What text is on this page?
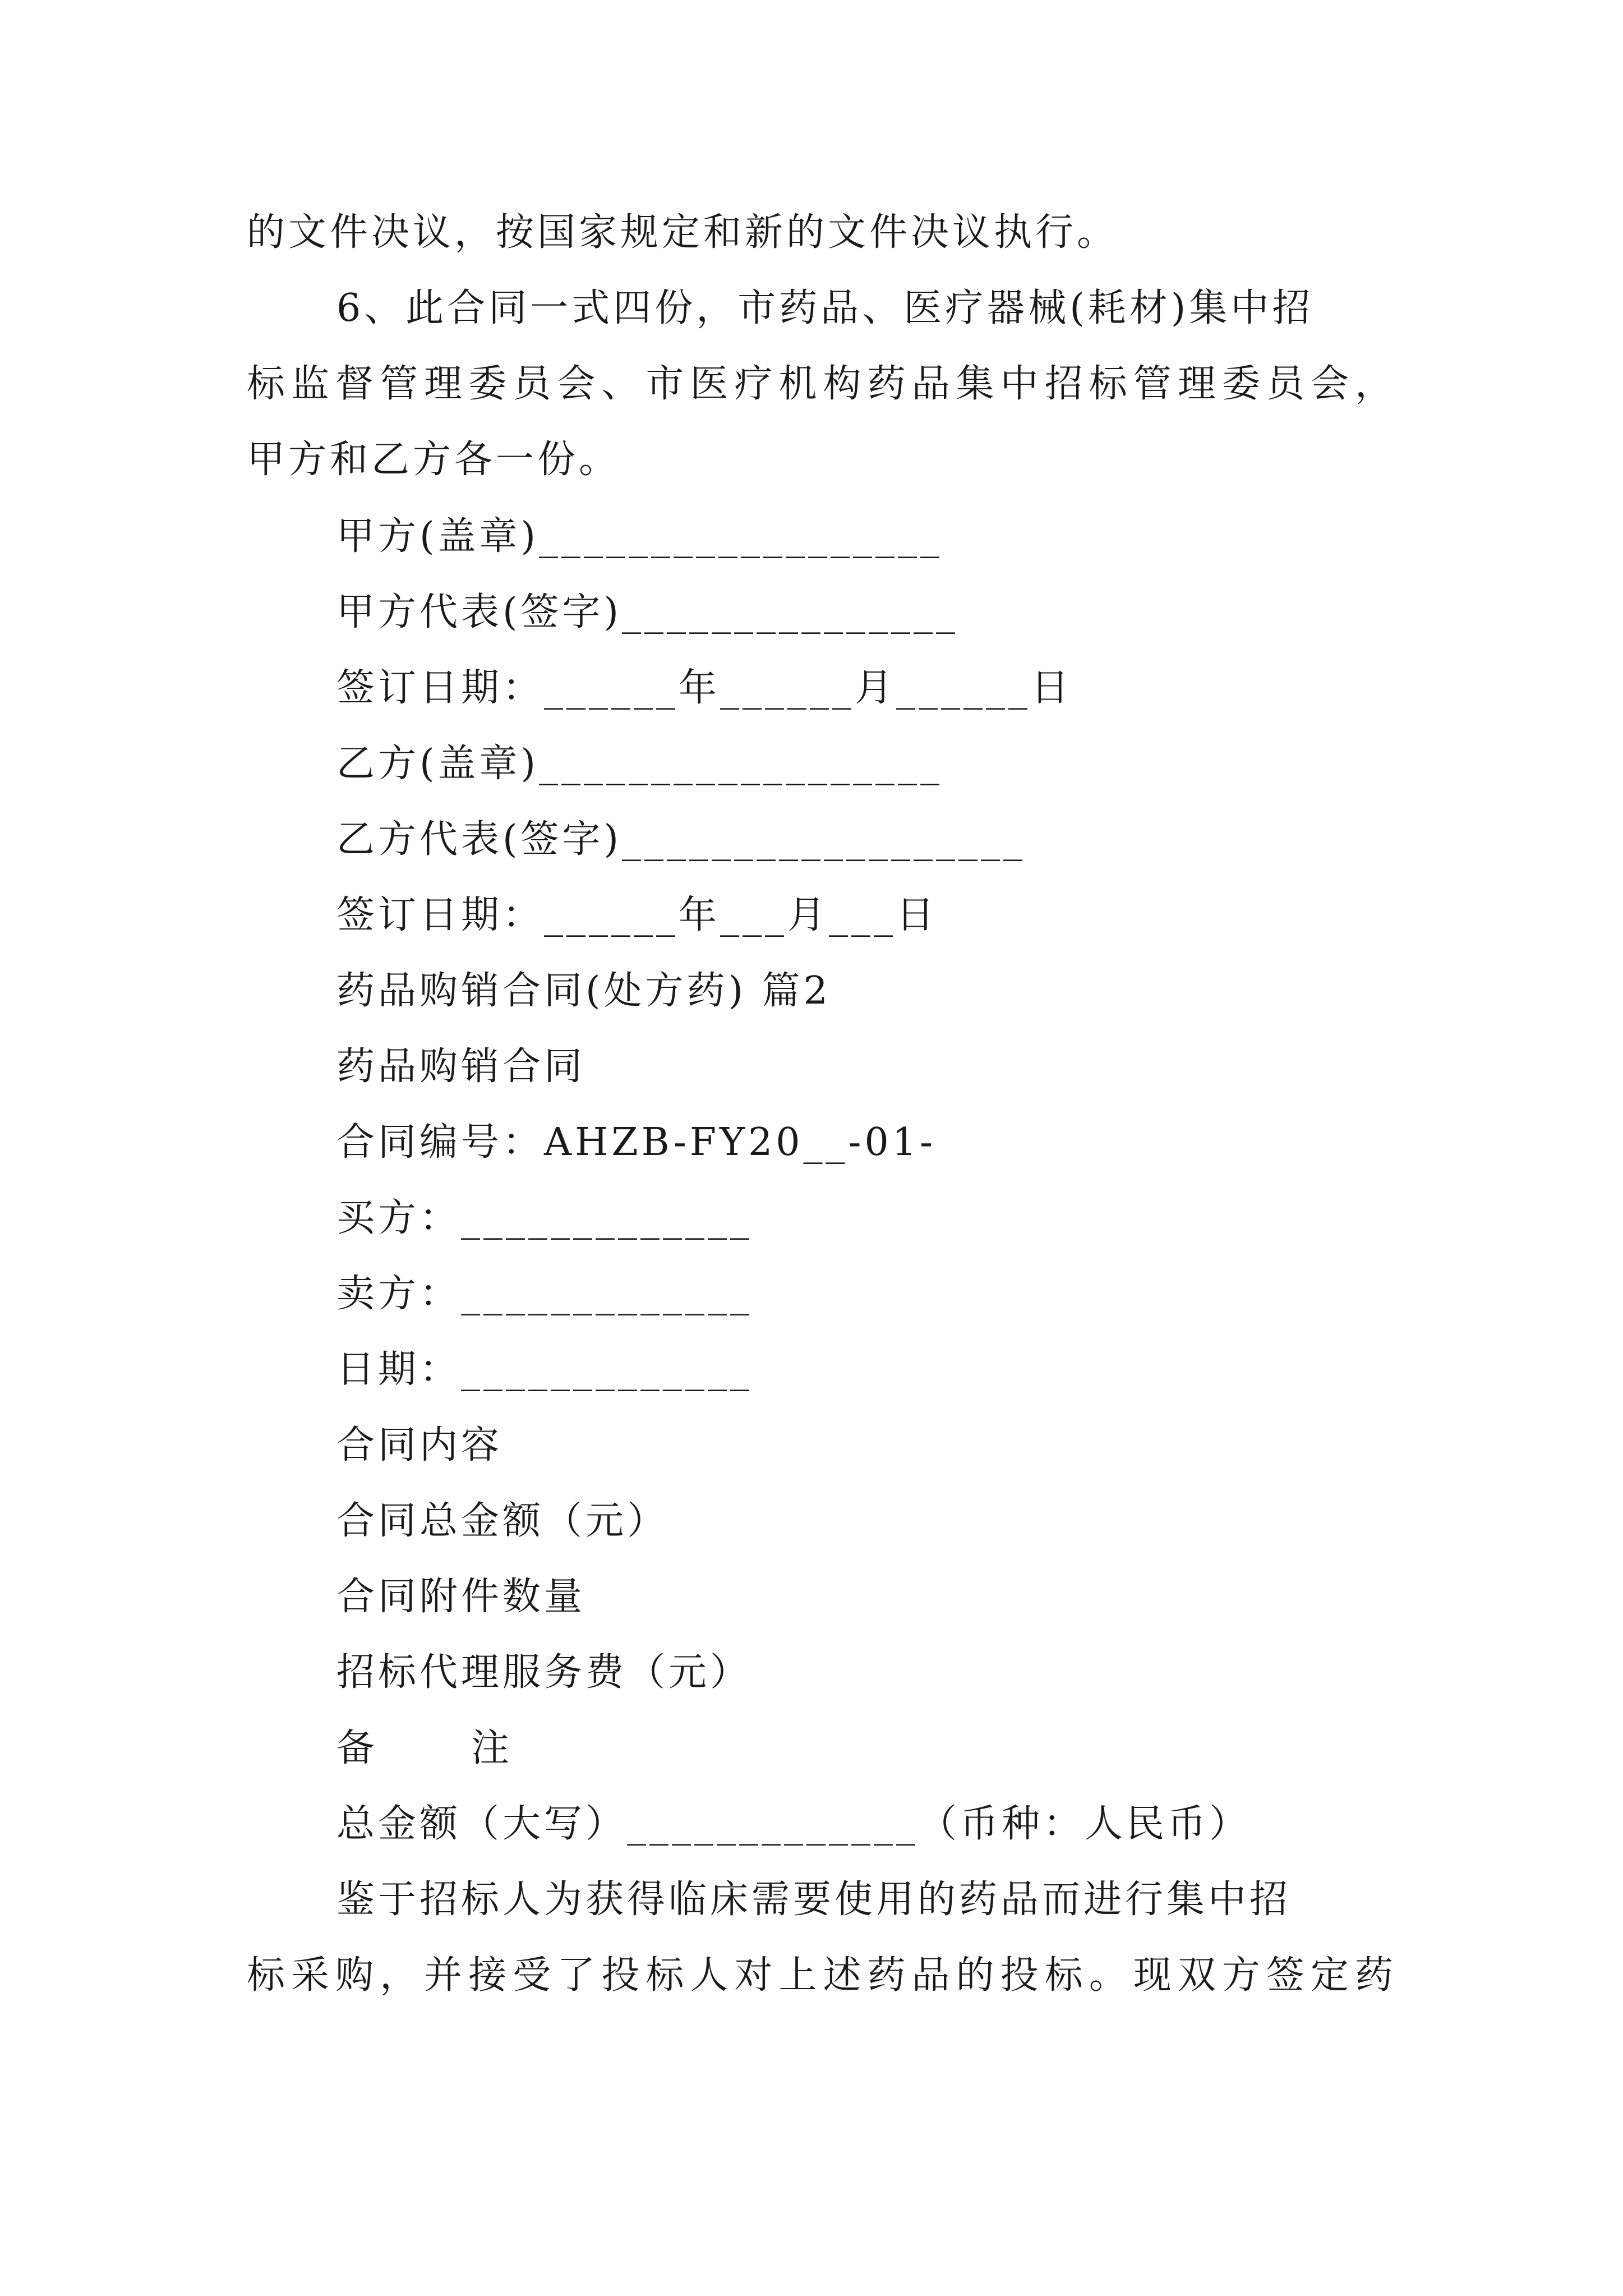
的文件决议，按国家规定和新的文件决议执行。
6、此合同一式四份，市药品、医疗器械(耗材)集中招
标监督管理委员会、市医疗机构药品集中招标管理委员会，
甲方和乙方各一份。
甲方(盖章)__________________
甲方代表(签字)_______________
签订日期：______年______月______日
乙方(盖章)__________________
乙方代表(签字)__________________
签订日期：______年___月___日
药品购销合同(处方药) 篇2
药品购销合同
合同编号：AHZB-FY20__-01-
买方：_____________
卖方：_____________
日期：_____________
合同内容
合同总金额（元）
合同附件数量
招标代理服务费（元）
备      注
总金额（大写）_____________（币种：人民币）
鉴于招标人为获得临床需要使用的药品而进行集中招
标采购，并接受了投标人对上述药品的投标。现双方签定药
